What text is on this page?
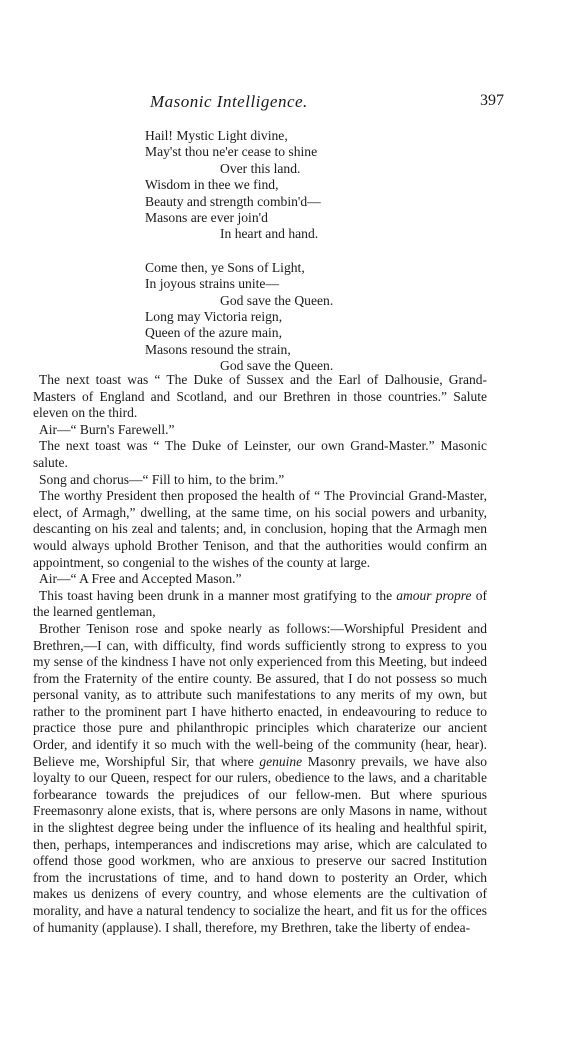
Masonic Intelligence.	397
Hail! Mystic Light divine,
May'st thou ne'er cease to shine
Over this land.
Wisdom in thee we find,
Beauty and strength combin'd—
Masons are ever join'd
In heart and hand.
Come then, ye Sons of Light,
In joyous strains unite—
God save the Queen.
Long may Victoria reign,
Queen of the azure main,
Masons resound the strain,
God save the Queen.

The next toast was “ The Duke of Sussex and the Earl of Dalhousie, Grand-Masters of England and Scotland, and our Brethren in those countries.” Salute eleven on the third.

Air—“ Burn's Farewell.”

The next toast was “ The Duke of Leinster, our own Grand-Master.” Masonic salute.

Song and chorus—“ Fill to him, to the brim.”

The worthy President then proposed the health of “ The Provincial Grand-Master, elect, of Armagh,” dwelling, at the same time, on his social powers and urbanity, descanting on his zeal and talents; and, in conclusion, hoping that the Armagh men would always uphold Brother Tenison, and that the authorities would confirm an appointment, so congenial to the wishes of the county at large.

Air—“ A Free and Accepted Mason.”

This toast having been drunk in a manner most gratifying to the amour propre of the learned gentleman,

Brother Tenison rose and spoke nearly as follows:—Worshipful President and Brethren,—I can, with difficulty, find words sufficiently strong to express to you my sense of the kindness I have not only experienced from this Meeting, but indeed from the Fraternity of the entire county. Be assured, that I do not possess so much personal vanity, as to attribute such manifestations to any merits of my own, but rather to the prominent part I have hitherto enacted, in endeavouring to reduce to practice those pure and philanthropic principles which charaterize our ancient Order, and identify it so much with the well-being of the community (hear, hear). Believe me, Worshipful Sir, that where genuine Masonry prevails, we have also loyalty to our Queen, respect for our rulers, obedience to the laws, and a charitable forbearance towards the prejudices of our fellow-men. But where spurious Freemasonry alone exists, that is, where persons are only Masons in name, without in the slightest degree being under the influence of its healing and healthful spirit, then, perhaps, intemperances and indiscretions may arise, which are calculated to offend those good workmen, who are anxious to preserve our sacred Institution from the incrustations of time, and to hand down to posterity an Order, which makes us denizens of every country, and whose elements are the cultivation of morality, and have a natural tendency to socialize the heart, and fit us for the offices of humanity (applause). I shall, therefore, my Brethren, take the liberty of endea-
